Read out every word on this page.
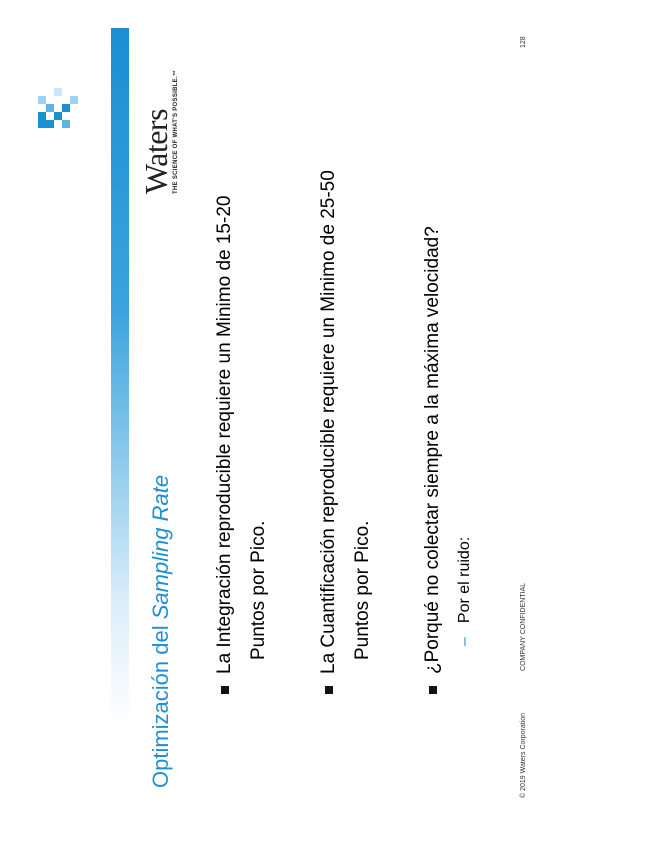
Optimización del Sampling Rate
Waters THE SCIENCE OF WHAT'S POSSIBLE.™
La Integración reproducible requiere un Minimo de 15-20 Puntos por Pico.	La Cuantificación reproducible requiere un Minimo de 25-50 Puntos por Pico.	¿Porqué no colectar siempre a la máxima velocidad? –Por el ruido:
© 2019 Waters Corporation COMPANY CONFIDENTIAL
128
